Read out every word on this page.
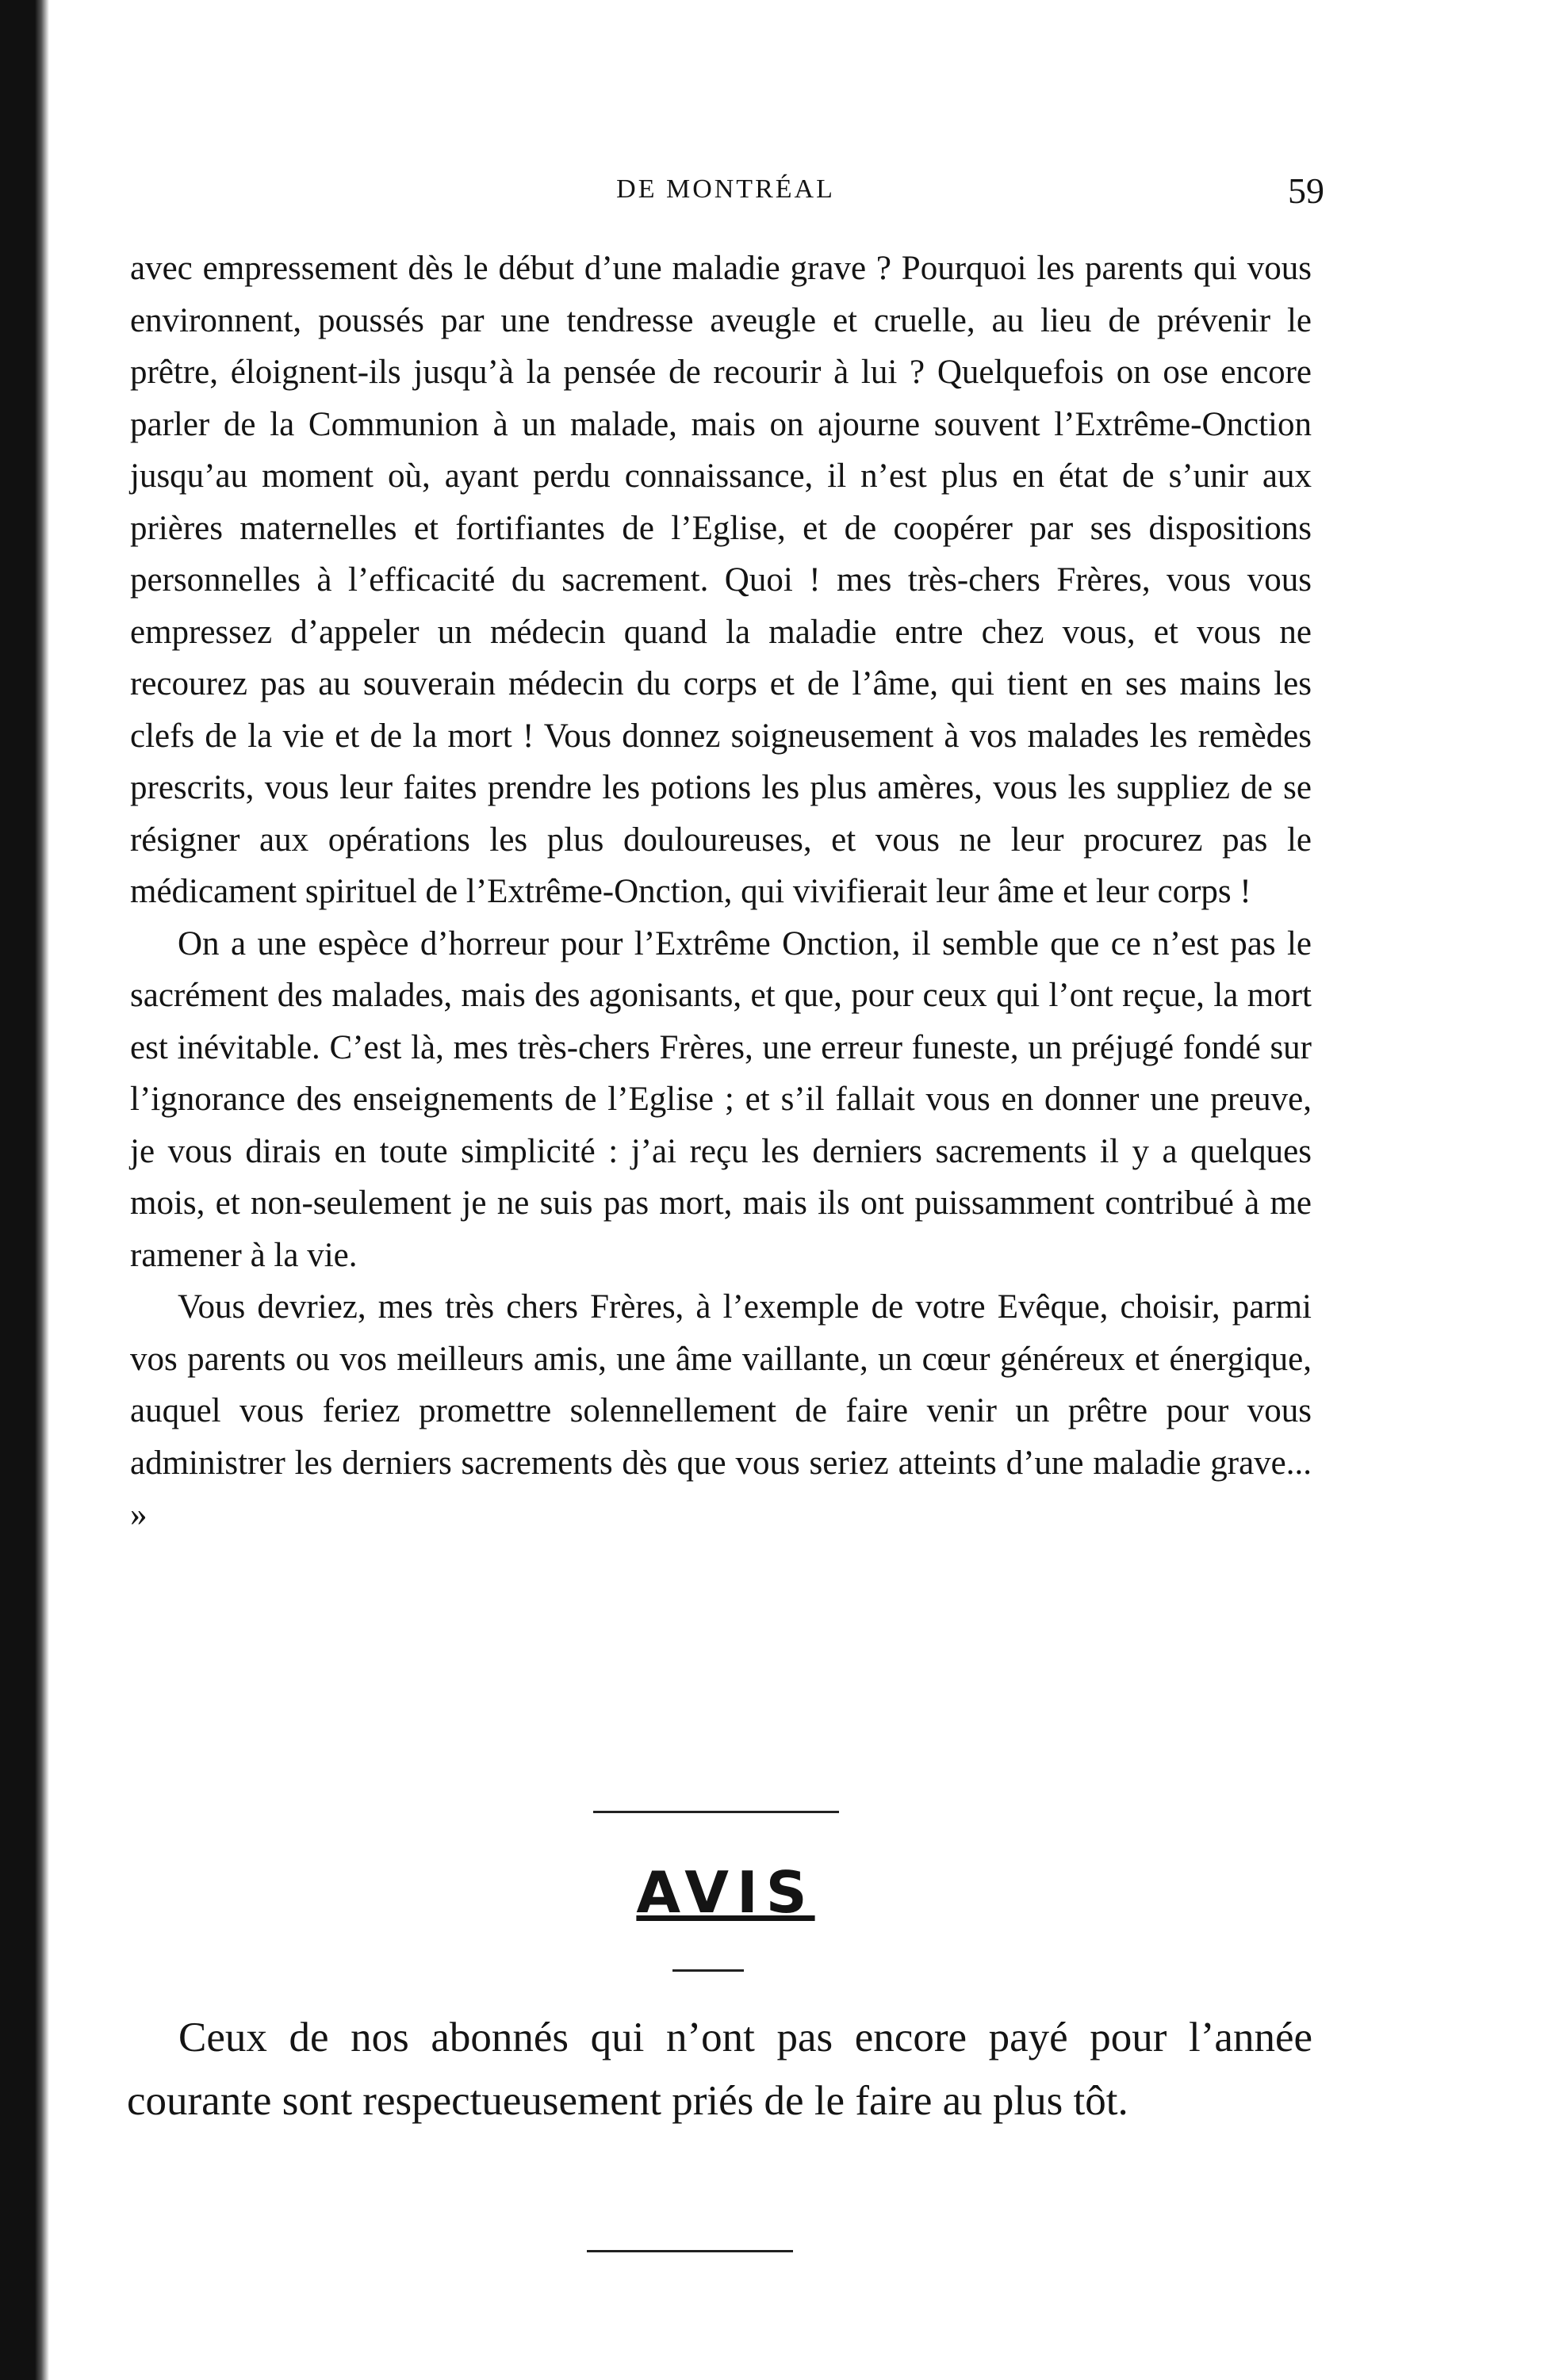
DE MONTRÉAL	59

avec empressement dès le début d’une maladie grave ? Pourquoi les parents qui vous environnent, poussés par une tendresse aveugle et cruelle, au lieu de prévenir le prêtre, éloignent-ils jusqu’à la pensée de recourir à lui ? Quelquefois on ose encore parler de la Communion à un malade, mais on ajourne souvent l’Extrême-Onction jusqu’au moment où, ayant perdu connaissance, il n’est plus en état de s’unir aux prières maternelles et fortifiantes de l’Eglise, et de coopérer par ses dispositions personnelles à l’efficacité du sacrement. Quoi ! mes très-chers Frères, vous vous empressez d’appeler un médecin quand la maladie entre chez vous, et vous ne recourez pas au souverain médecin du corps et de l’âme, qui tient en ses mains les clefs de la vie et de la mort ! Vous donnez soigneusement à vos malades les remèdes prescrits, vous leur faites prendre les potions les plus amères, vous les suppliez de se résigner aux opérations les plus douloureuses, et vous ne leur procurez pas le médicament spirituel de l’Extrême-Onction, qui vivifierait leur âme et leur corps !

On a une espèce d’horreur pour l’Extrême Onction, il semble que ce n’est pas le sacrément des malades, mais des agonisants, et que, pour ceux qui l’ont reçue, la mort est inévitable. C’est là, mes très-chers Frères, une erreur funeste, un préjugé fondé sur l’ignorance des enseignements de l’Eglise ; et s’il fallait vous en donner une preuve, je vous dirais en toute simplicité : j’ai reçu les derniers sacrements il y a quelques mois, et non-seulement je ne suis pas mort, mais ils ont puissamment contribué à me ramener à la vie.

Vous devriez, mes très chers Frères, à l’exemple de votre Evêque, choisir, parmi vos parents ou vos meilleurs amis, une âme vaillante, un cœur généreux et énergique, auquel vous feriez promettre solennellement de faire venir un prêtre pour vous administrer les derniers sacrements dès que vous seriez atteints d’une maladie grave... »

AVIS

Ceux de nos abonnés qui n’ont pas encore payé pour l’année courante sont respectueusement priés de le faire au plus tôt.
